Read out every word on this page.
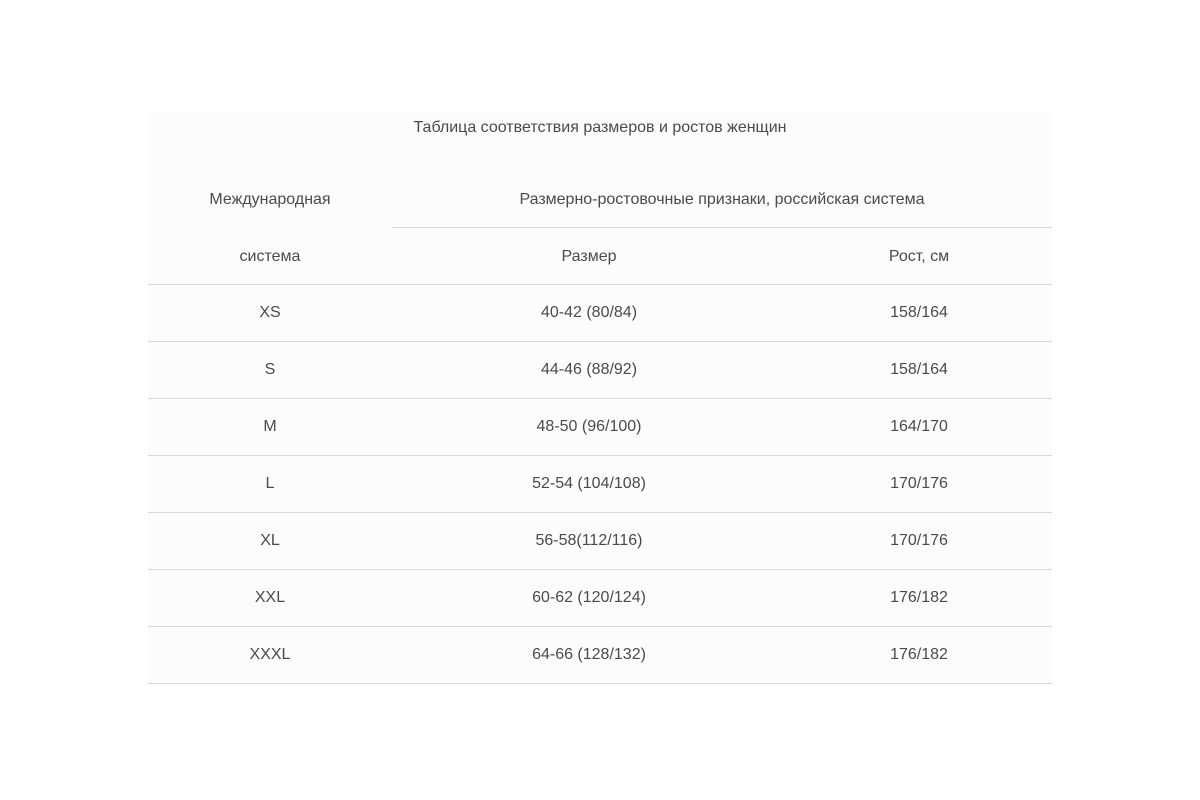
Таблица соответствия размеров и ростов женщин
Международная
система
Размерно-ростовочные признаки, российская система
Размер	Рост, см
XS	40-42 (80/84)	158/164
S	44-46 (88/92)	158/164
M	48-50 (96/100)	164/170
L	52-54 (104/108)	170/176
XL	56-58(112/116)	170/176
XXL	60-62 (120/124)	176/182
XXXL	64-66 (128/132)	176/182
